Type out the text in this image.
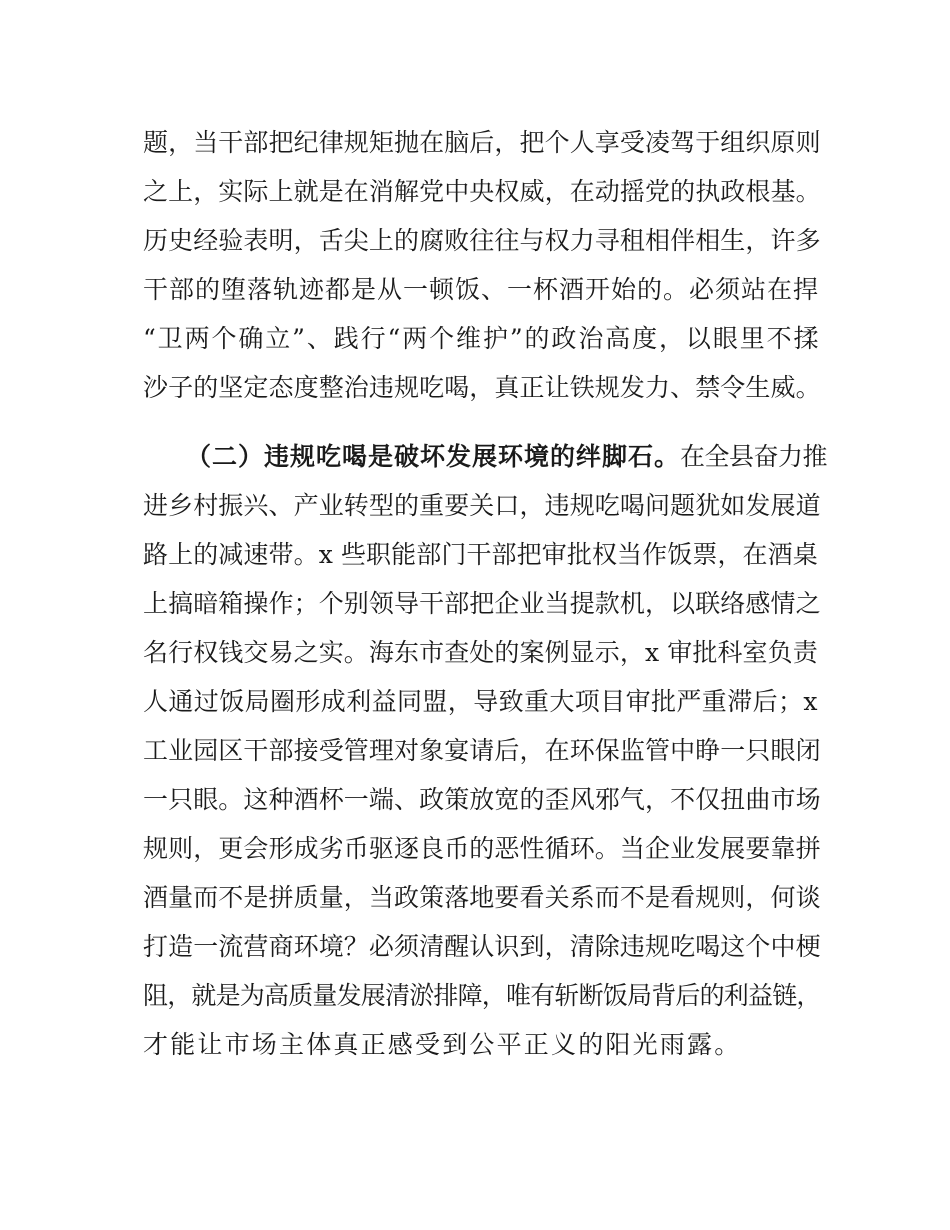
题，当干部把纪律规矩抛在脑后，把个人享受凌驾于组织原则
之上，实际上就是在消解党中央权威，在动摇党的执政根基。
历史经验表明，舌尖上的腐败往往与权力寻租相伴相生，许多
干部的堕落轨迹都是从一顿饭、一杯酒开始的。必须站在捍
“卫两个确立”、践行“两个维护”的政治高度，以眼里不揉
沙子的坚定态度整治违规吃喝，真正让铁规发力、禁令生威。
（二）违规吃喝是破坏发展环境的绊脚石。在全县奋力推
进乡村振兴、产业转型的重要关口，违规吃喝问题犹如发展道
路上的减速带。x 些职能部门干部把审批权当作饭票，在酒桌
上搞暗箱操作；个别领导干部把企业当提款机，以联络感情之
名行权钱交易之实。海东市查处的案例显示，x 审批科室负责
人通过饭局圈形成利益同盟，导致重大项目审批严重滞后；x
工业园区干部接受管理对象宴请后，在环保监管中睁一只眼闭
一只眼。这种酒杯一端、政策放宽的歪风邪气，不仅扭曲市场
规则，更会形成劣币驱逐良币的恶性循环。当企业发展要靠拼
酒量而不是拼质量，当政策落地要看关系而不是看规则，何谈
打造一流营商环境？必须清醒认识到，清除违规吃喝这个中梗
阻，就是为高质量发展清淤排障，唯有斩断饭局背后的利益链，
才能让市场主体真正感受到公平正义的阳光雨露。
